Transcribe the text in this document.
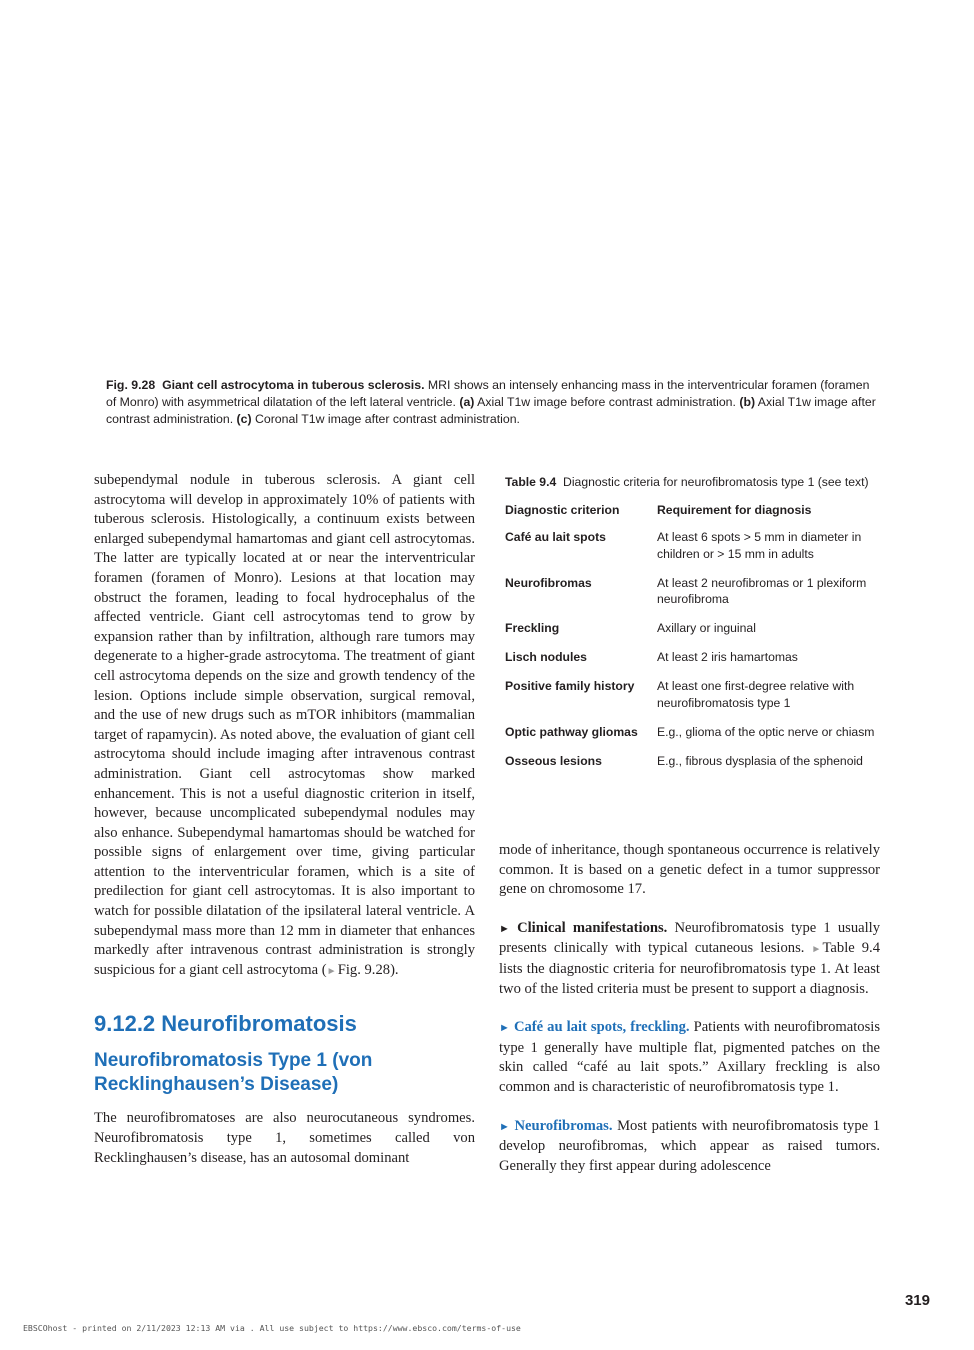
Fig. 9.28 Giant cell astrocytoma in tuberous sclerosis. MRI shows an intensely enhancing mass in the interventricular foramen (foramen of Monro) with asymmetrical dilatation of the left lateral ventricle. (a) Axial T1w image before contrast administration. (b) Axial T1w image after contrast administration. (c) Coronal T1w image after contrast administration.

subependymal nodule in tuberous sclerosis. A giant cell astrocytoma will develop in approximately 10% of patients with tuberous sclerosis. Histologically, a continuum exists between enlarged subependymal hamartomas and giant cell astrocytomas. The latter are typically located at or near the interventricular foramen (foramen of Monro). Lesions at that location may obstruct the foramen, leading to focal hydrocephalus of the affected ventricle. Giant cell astrocytomas tend to grow by expansion rather than by infiltration, although rare tumors may degenerate to a higher-grade astrocytoma. The treatment of giant cell astrocytoma depends on the size and growth tendency of the lesion. Options include simple observation, surgical removal, and the use of new drugs such as mTOR inhibitors (mammalian target of rapamycin). As noted above, the evaluation of giant cell astrocytoma should include imaging after intravenous contrast administration. Giant cell astrocytomas show marked enhancement. This is not a useful diagnostic criterion in itself, however, because uncomplicated subependymal nodules may also enhance. Subependymal hamartomas should be watched for possible signs of enlargement over time, giving particular attention to the interventricular foramen, which is a site of predilection for giant cell astrocytomas. It is also important to watch for possible dilatation of the ipsilateral lateral ventricle. A subependymal mass more than 12 mm in diameter that enhances markedly after intravenous contrast administration is strongly suspicious for a giant cell astrocytoma (► Fig. 9.28).

9.12.2 Neurofibromatosis
Neurofibromatosis Type 1 (von Recklinghausen’s Disease)

The neurofibromatoses are also neurocutaneous syndromes. Neurofibromatosis type 1, sometimes called von Recklinghausen’s disease, has an autosomal dominant

Table 9.4 Diagnostic criteria for neurofibromatosis type 1 (see text)
Diagnostic criterion	Requirement for diagnosis
Café au lait spots	At least 6 spots > 5 mm in diameter in children or > 15 mm in adults
Neurofibromas	At least 2 neurofibromas or 1 plexiform neurofibroma
Freckling	Axillary or inguinal
Lisch nodules	At least 2 iris hamartomas
Positive family history	At least one first-degree relative with neurofibromatosis type 1
Optic pathway gliomas	E.g., glioma of the optic nerve or chiasm
Osseous lesions	E.g., fibrous dysplasia of the sphenoid

mode of inheritance, though spontaneous occurrence is relatively common. It is based on a genetic defect in a tumor suppressor gene on chromosome 17.

► Clinical manifestations. Neurofibromatosis type 1 usually presents clinically with typical cutaneous lesions. ► Table 9.4 lists the diagnostic criteria for neurofibromatosis type 1. At least two of the listed criteria must be present to support a diagnosis.

► Café au lait spots, freckling. Patients with neurofibromatosis type 1 generally have multiple flat, pigmented patches on the skin called “café au lait spots.” Axillary freckling is also common and is characteristic of neurofibromatosis type 1.

► Neurofibromas. Most patients with neurofibromatosis type 1 develop neurofibromas, which appear as raised tumors. Generally they first appear during adolescence

319
EBSCOhost - printed on 2/11/2023 12:13 AM via . All use subject to https://www.ebsco.com/terms-of-use
